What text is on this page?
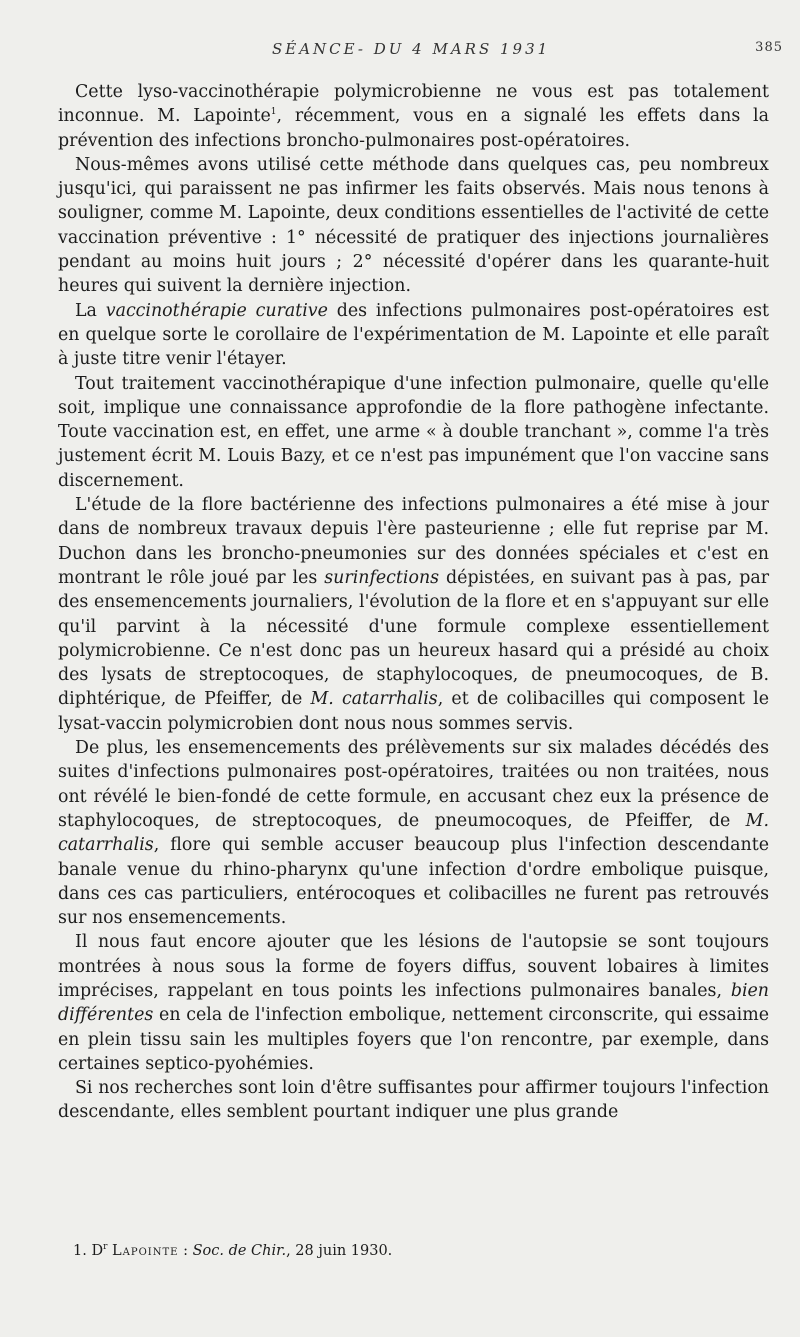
SÉANCE- DU 4 MARS 1931	385

Cette lyso-vaccinothérapie polymicrobienne ne vous est pas totalement inconnue. M. Lapointe$^1$, récemment, vous en a signalé les effets dans la prévention des infections broncho-pulmonaires post-opératoires.

Nous-mêmes avons utilisé cette méthode dans quelques cas, peu nombreux jusqu'ici, qui paraissent ne pas infirmer les faits observés. Mais nous tenons à souligner, comme M. Lapointe, deux conditions essentielles de l'activité de cette vaccination préventive : 1° nécessité de pratiquer des injections journalières pendant au moins huit jours ; 2° nécessité d'opérer dans les quarante-huit heures qui suivent la dernière injection.

La vaccinothérapie curative des infections pulmonaires post-opératoires est en quelque sorte le corollaire de l'expérimentation de M. Lapointe et elle paraît à juste titre venir l'étayer.

Tout traitement vaccinothérapique d'une infection pulmonaire, quelle qu'elle soit, implique une connaissance approfondie de la flore pathogène infectante. Toute vaccination est, en effet, une arme « à double tranchant », comme l'a très justement écrit M. Louis Bazy, et ce n'est pas impunément que l'on vaccine sans discernement.

L'étude de la flore bactérienne des infections pulmonaires a été mise à jour dans de nombreux travaux depuis l'ère pasteurienne ; elle fut reprise par M. Duchon dans les broncho-pneumonies sur des données spéciales et c'est en montrant le rôle joué par les surinfections dépistées, en suivant pas à pas, par des ensemencements journaliers, l'évolution de la flore et en s'appuyant sur elle qu'il parvint à la nécessité d'une formule complexe essentiellement polymicrobienne. Ce n'est donc pas un heureux hasard qui a présidé au choix des lysats de streptocoques, de staphylocoques, de pneumocoques, de B. diphtérique, de Pfeiffer, de M. catarrhalis, et de colibacilles qui composent le lysat-vaccin polymicrobien dont nous nous sommes servis.

De plus, les ensemencements des prélèvements sur six malades décédés des suites d'infections pulmonaires post-opératoires, traitées ou non traitées, nous ont révélé le bien-fondé de cette formule, en accusant chez eux la présence de staphylocoques, de streptocoques, de pneumocoques, de Pfeiffer, de M. catarrhalis, flore qui semble accuser beaucoup plus l'infection descendante banale venue du rhino-pharynx qu'une infection d'ordre embolique puisque, dans ces cas particuliers, entérocoques et colibacilles ne furent pas retrouvés sur nos ensemencements.

Il nous faut encore ajouter que les lésions de l'autopsie se sont toujours montrées à nous sous la forme de foyers diffus, souvent lobaires à limites imprécises, rappelant en tous points les infections pulmonaires banales, bien différentes en cela de l'infection embolique, nettement circonscrite, qui essaime en plein tissu sain les multiples foyers que l'on rencontre, par exemple, dans certaines septico-pyohémies.

Si nos recherches sont loin d'être suffisantes pour affirmer toujours l'infection descendante, elles semblent pourtant indiquer une plus grande

1. $D^r$ Lapointe : Soc. de Chir., 28 juin 1930.
